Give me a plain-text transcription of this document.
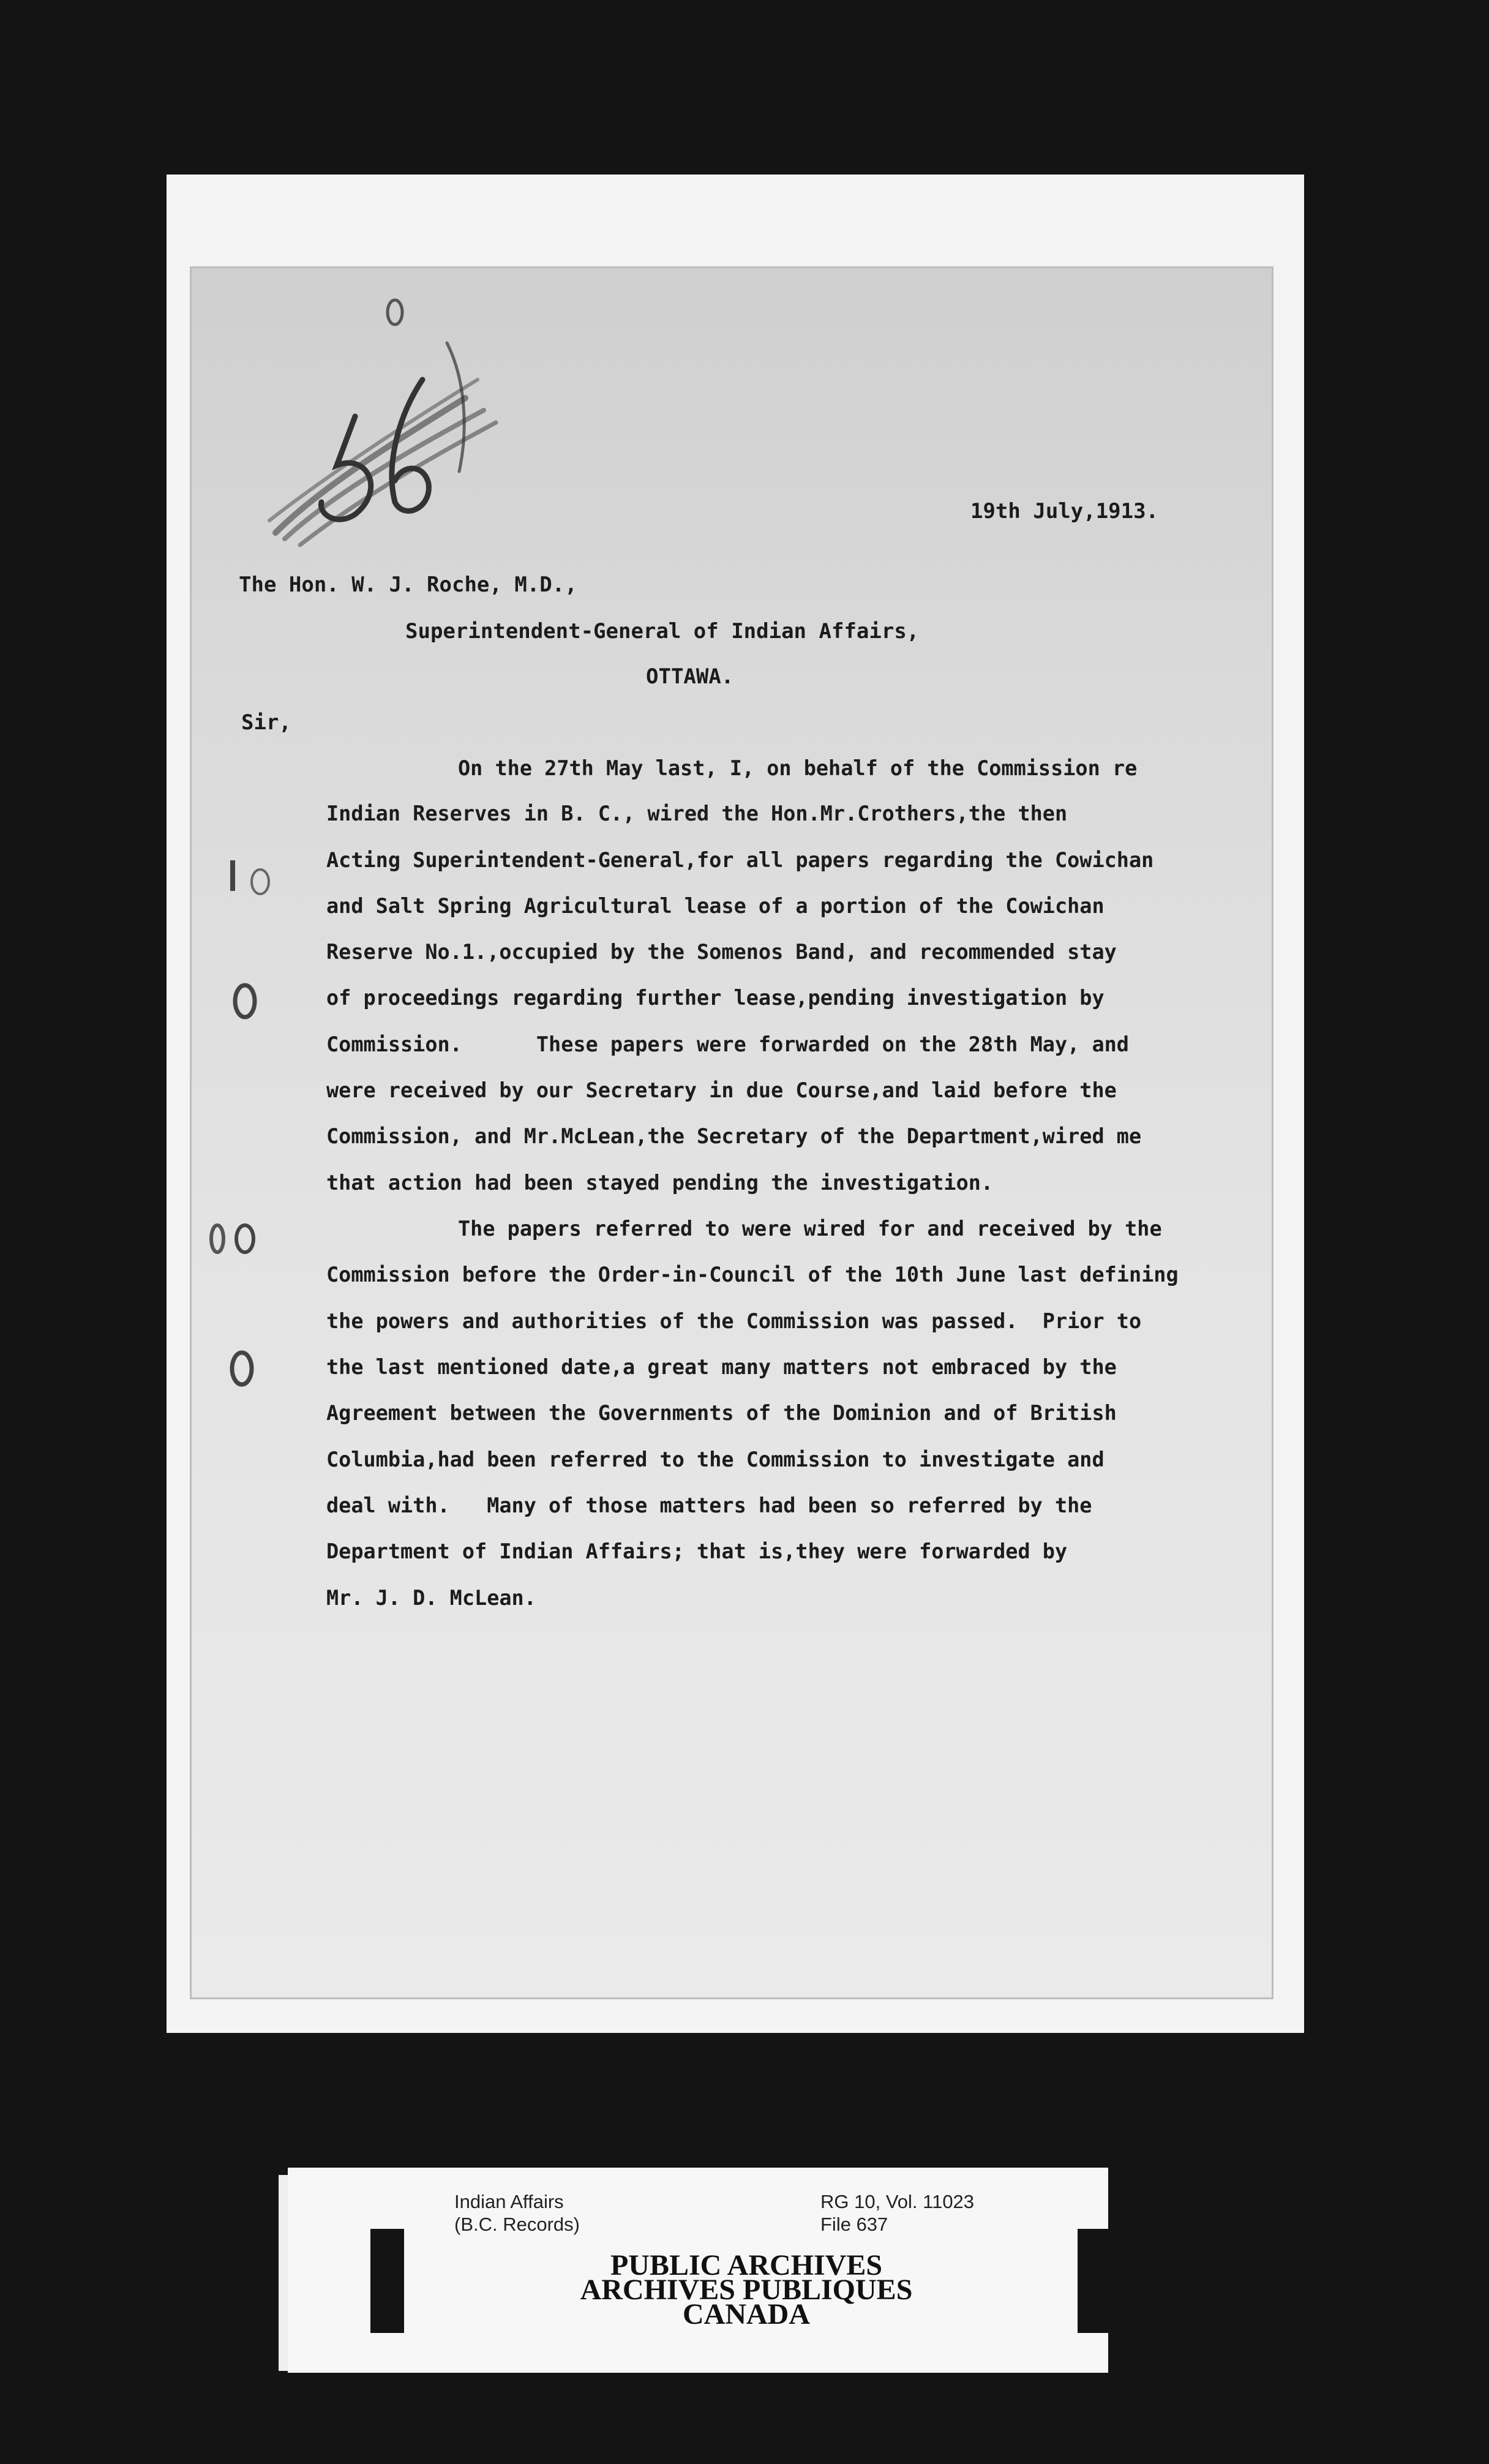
19th July,1913.
The Hon. W. J. Roche, M.D.,
Superintendent-General of Indian Affairs,
OTTAWA.
Sir,
On the 27th May last, I, on behalf of the Commission re
Indian Reserves in B. C., wired the Hon.Mr.Crothers,the then
Acting Superintendent-General,for all papers regarding the Cowichan
and Salt Spring Agricultural lease of a portion of the Cowichan
Reserve No.1.,occupied by the Somenos Band, and recommended stay
of proceedings regarding further lease,pending investigation by
Commission.      These papers were forwarded on the 28th May, and
were received by our Secretary in due Course,and laid before the
Commission, and Mr.McLean,the Secretary of the Department,wired me
that action had been stayed pending the investigation.
The papers referred to were wired for and received by the
Commission before the Order-in-Council of the 10th June last defining
the powers and authorities of the Commission was passed.  Prior to
the last mentioned date,a great many matters not embraced by the
Agreement between the Governments of the Dominion and of British
Columbia,had been referred to the Commission to investigate and
deal with.   Many of those matters had been so referred by the
Department of Indian Affairs; that is,they were forwarded by
Mr. J. D. McLean.
Indian Affairs
(B.C. Records)
RG 10, Vol. 11023
File 637
PUBLIC ARCHIVES
ARCHIVES PUBLIQUES
CANADA
